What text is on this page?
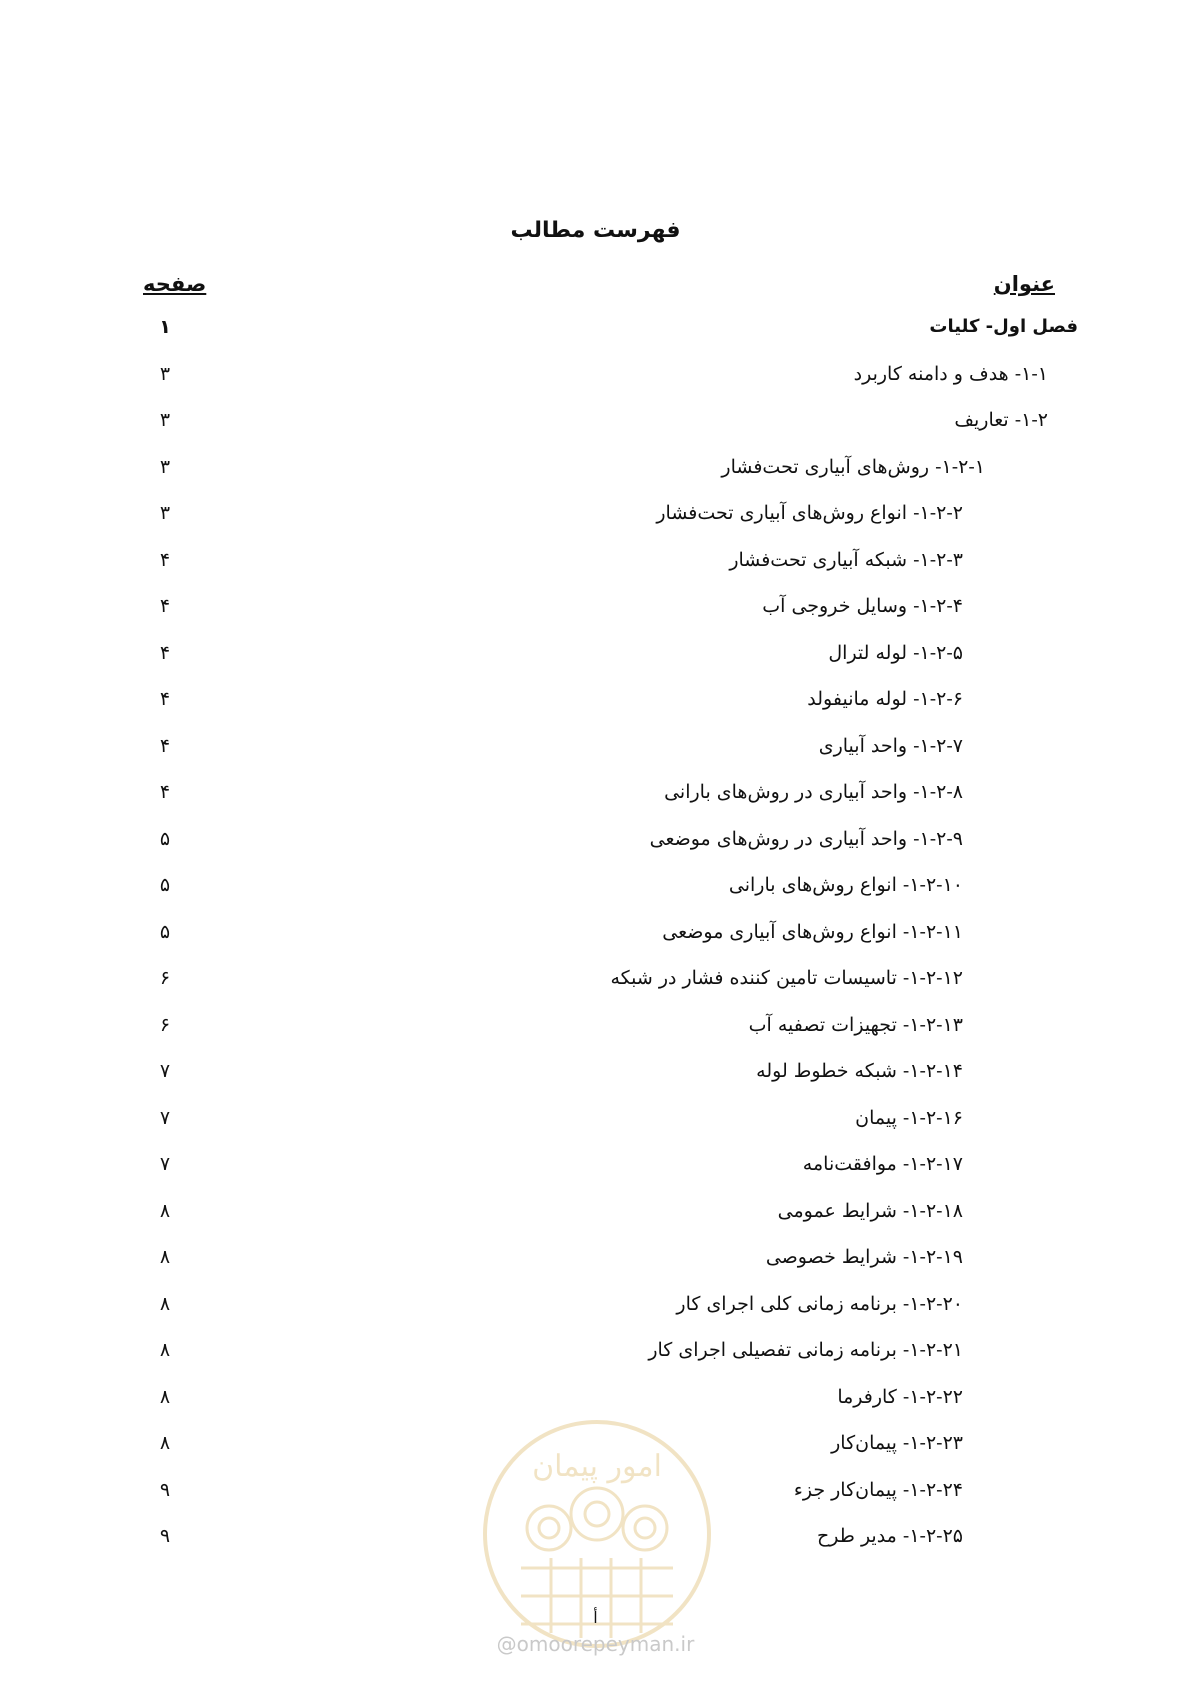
فهرست مطالب
عنوان
صفحه
فصل اول- کلیات
۱
۱-۱- هدف و دامنه کاربرد
۳
۱-۲- تعاریف
۳
۱-۲-۱- روش‌های آبیاری تحت‌فشار
۳
۱-۲-۲- انواع روش‌های آبیاری تحت‌فشار
۳
۱-۲-۳- شبکه آبیاری تحت‌فشار
۴
۱-۲-۴- وسایل خروجی آب
۴
۱-۲-۵- لوله لترال
۴
۱-۲-۶- لوله مانیفولد
۴
۱-۲-۷- واحد آبیاری
۴
۱-۲-۸- واحد آبیاری در روش‌های بارانی
۴
۱-۲-۹- واحد آبیاری در روش‌های موضعی
۵
۱-۲-۱۰- انواع روش‌های بارانی
۵
۱-۲-۱۱- انواع روش‌های آبیاری موضعی
۵
۱-۲-۱۲- تاسیسات تامین کننده فشار در شبکه
۶
۱-۲-۱۳- تجهیزات تصفیه آب
۶
۱-۲-۱۴- شبکه خطوط لوله
۷
۱-۲-۱۶- پیمان
۷
۱-۲-۱۷- موافقت‌نامه
۷
۱-۲-۱۸- شرایط عمومی
۸
۱-۲-۱۹- شرایط خصوصی
۸
۱-۲-۲۰- برنامه زمانی کلی اجرای کار
۸
۱-۲-۲۱- برنامه زمانی تفصیلی اجرای کار
۸
۱-۲-۲۲- کارفرما
۸
۱-۲-۲۳- پیمان‌کار
۸
۱-۲-۲۴- پیمان‌کار جزء
۹
۱-۲-۲۵- مدیر طرح
۹
امور پیمان
أ
@omoorepeyman.ir
